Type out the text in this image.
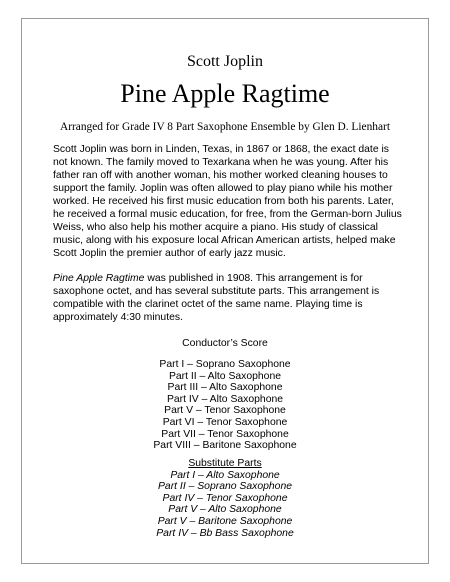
Scott Joplin
Pine Apple Ragtime
Arranged for Grade IV 8 Part Saxophone Ensemble by Glen D. Lienhart

Scott Joplin was born in Linden, Texas, in 1867 or 1868, the exact date is
not known. The family moved to Texarkana when he was young. After his
father ran off with another woman, his mother worked cleaning houses to
support the family. Joplin was often allowed to play piano while his mother
worked. He received his first music education from both his parents. Later,
he received a formal music education, for free, from the German-born Julius
Weiss, who also help his mother acquire a piano. His study of classical
music, along with his exposure local African American artists, helped make
Scott Joplin the premier author of early jazz music.

Pine Apple Ragtime was published in 1908. This arrangement is for
saxophone octet, and has several substitute parts. This arrangement is
compatible with the clarinet octet of the same name. Playing time is
approximately 4:30 minutes.

Conductor’s Score
Part I – Soprano Saxophone
Part II – Alto Saxophone
Part III – Alto Saxophone
Part IV – Alto Saxophone
Part V – Tenor Saxophone
Part VI – Tenor Saxophone
Part VII – Tenor Saxophone
Part VIII – Baritone Saxophone
Substitute Parts
Part I – Alto Saxophone
Part II – Soprano Saxophone
Part IV – Tenor Saxophone
Part V – Alto Saxophone
Part V – Baritone Saxophone
Part IV – Bb Bass Saxophone
